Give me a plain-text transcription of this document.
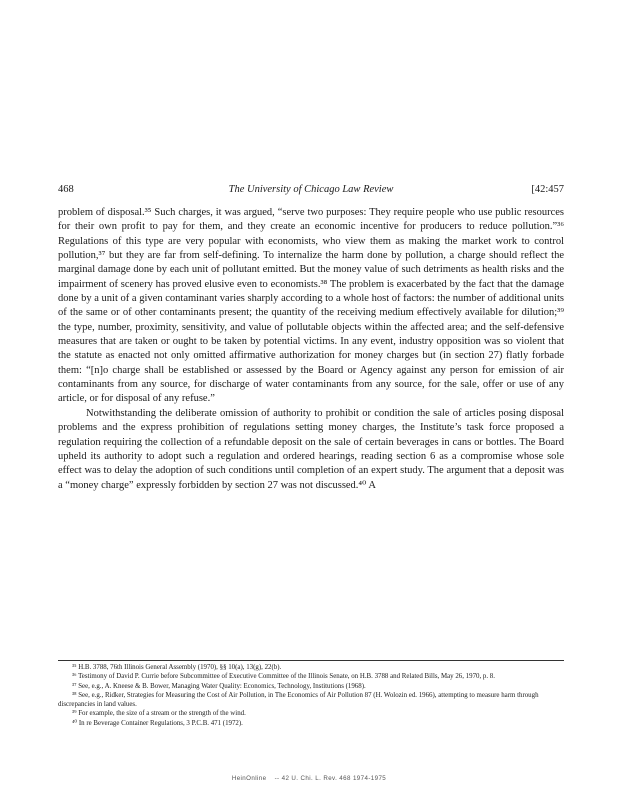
468	The University of Chicago Law Review	[42:457

problem of disposal.³⁵ Such charges, it was argued, “serve two purposes: They require people who use public resources for their own profit to pay for them, and they create an economic incentive for producers to reduce pollution.”³⁶ Regulations of this type are very popular with economists, who view them as making the market work to control pollution,³⁷ but they are far from self-defining. To internalize the harm done by pollution, a charge should reflect the marginal damage done by each unit of pollutant emitted. But the money value of such detriments as health risks and the impairment of scenery has proved elusive even to economists.³⁸ The problem is exacerbated by the fact that the damage done by a unit of a given contaminant varies sharply according to a whole host of factors: the number of additional units of the same or of other contaminants present; the quantity of the receiving medium effectively available for dilution;³⁹ the type, number, proximity, sensitivity, and value of pollutable objects within the affected area; and the self-defensive measures that are taken or ought to be taken by potential victims. In any event, industry opposition was so violent that the statute as enacted not only omitted affirmative authorization for money charges but (in section 27) flatly forbade them: “[n]o charge shall be established or assessed by the Board or Agency against any person for emission of air contaminants from any source, for discharge of water contaminants from any source, for the sale, offer or use of any article, or for disposal of any refuse.”

Notwithstanding the deliberate omission of authority to prohibit or condition the sale of articles posing disposal problems and the express prohibition of regulations setting money charges, the Institute’s task force proposed a regulation requiring the collection of a refundable deposit on the sale of certain beverages in cans or bottles. The Board upheld its authority to adopt such a regulation and ordered hearings, reading section 6 as a compromise whose sole effect was to delay the adoption of such conditions until completion of an expert study. The argument that a deposit was a “money charge” expressly forbidden by section 27 was not discussed.⁴⁰ A

³⁵ H.B. 3788, 76th Illinois General Assembly (1970), §§ 10(a), 13(g), 22(b).

³⁶ Testimony of David P. Currie before Subcommittee of Executive Committee of the Illinois Senate, on H.B. 3788 and Related Bills, May 26, 1970, p. 8.

³⁷ See, e.g., A. Kneese & B. Bower, Managing Water Quality: Economics, Technology, Institutions (1968).

³⁸ See, e.g., Ridker, Strategies for Measuring the Cost of Air Pollution, in The Economics of Air Pollution 87 (H. Wolozin ed. 1966), attempting to measure harm through discrepancies in land values.

³⁹ For example, the size of a stream or the strength of the wind.

⁴⁰ In re Beverage Container Regulations, 3 P.C.B. 471 (1972).

HeinOnline -- 42 U. Chi. L. Rev. 468 1974-1975
